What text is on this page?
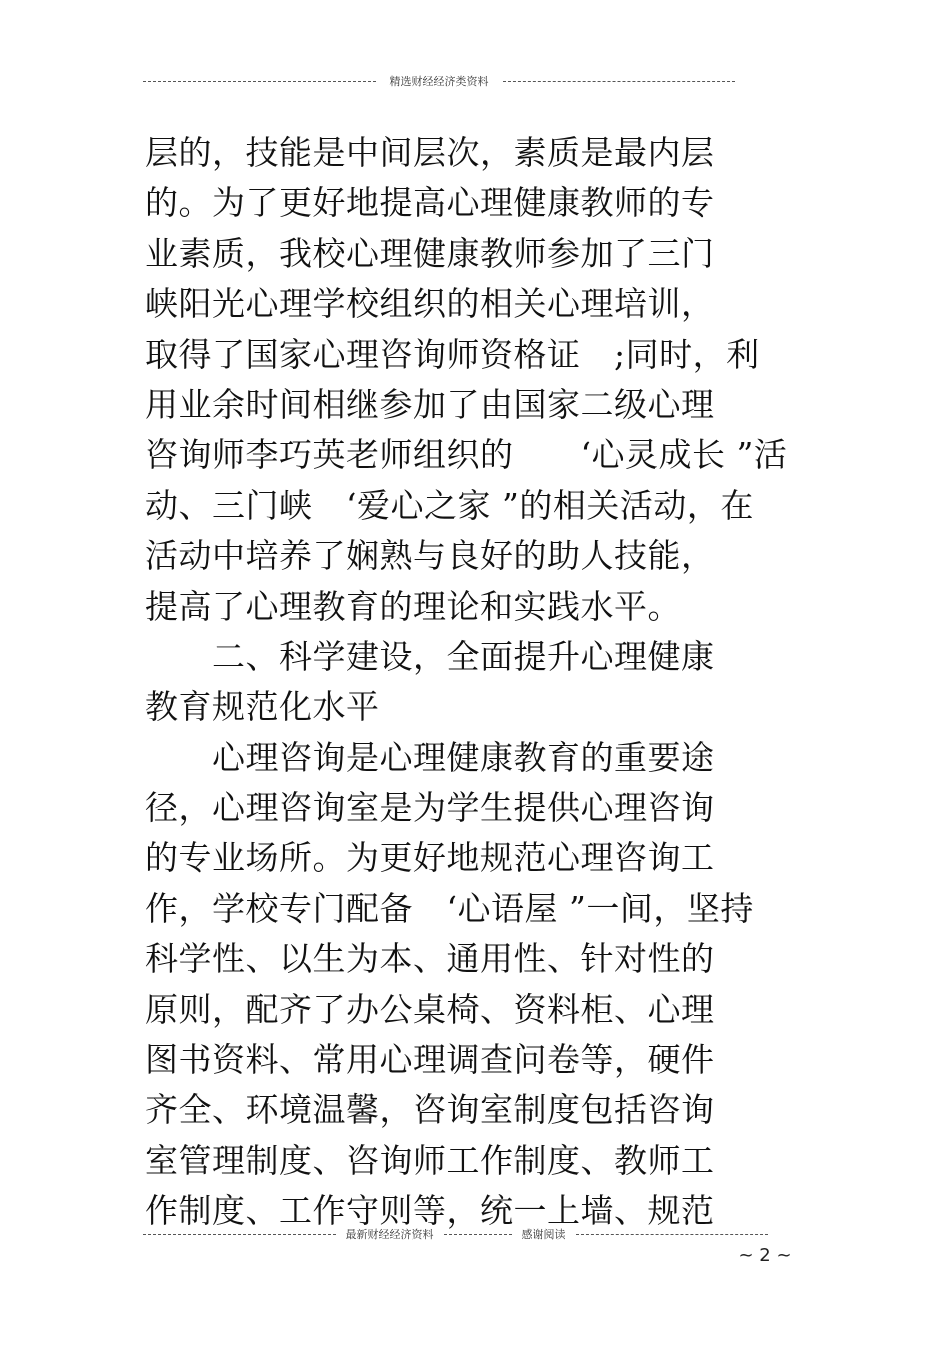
精选财经经济类资料
层的，技能是中间层次，素质是最内层
的。为了更好地提高心理健康教师的专
业素质，我校心理健康教师参加了三门
峡阳光心理学校组织的相关心理培训，
取得了国家心理咨询师资格证　;同时，利
用业余时间相继参加了由国家二级心理
咨询师李巧英老师组织的　　‘心灵成长 ”活
动、三门峡　‘爱心之家 ”的相关活动，在
活动中培养了娴熟与良好的助人技能，
提高了心理教育的理论和实践水平。
　　二、科学建设，全面提升心理健康
教育规范化水平
　　心理咨询是心理健康教育的重要途
径，心理咨询室是为学生提供心理咨询
的专业场所。为更好地规范心理咨询工
作，学校专门配备　‘心语屋 ”一间，坚持
科学性、以生为本、通用性、针对性的
原则，配齐了办公桌椅、资料柜、心理
图书资料、常用心理调查问卷等，硬件
齐全、环境温馨，咨询室制度包括咨询
室管理制度、咨询师工作制度、教师工
作制度、工作守则等，统一上墙、规范
最新财经经济资料	感谢阅读
~ 2 ~
